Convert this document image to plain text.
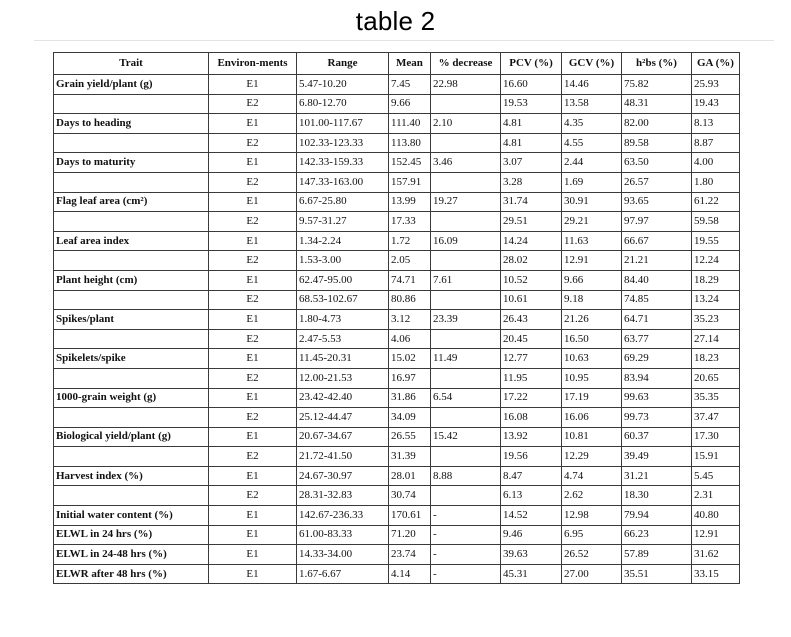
table 2
Trait	Environ-ments	Range	Mean	% decrease	PCV (%)	GCV (%)	h²bs (%)	GA (%)
Grain yield/plant (g)	E1	5.47-10.20	7.45	22.98	16.60	14.46	75.82	25.93
	E2	6.80-12.70	9.66		19.53	13.58	48.31	19.43
Days to heading	E1	101.00-117.67	111.40	2.10	4.81	4.35	82.00	8.13
	E2	102.33-123.33	113.80		4.81	4.55	89.58	8.87
Days to maturity	E1	142.33-159.33	152.45	3.46	3.07	2.44	63.50	4.00
	E2	147.33-163.00	157.91		3.28	1.69	26.57	1.80
Flag leaf area (cm²)	E1	6.67-25.80	13.99	19.27	31.74	30.91	93.65	61.22
	E2	9.57-31.27	17.33		29.51	29.21	97.97	59.58
Leaf area index	E1	1.34-2.24	1.72	16.09	14.24	11.63	66.67	19.55
	E2	1.53-3.00	2.05		28.02	12.91	21.21	12.24
Plant height (cm)	E1	62.47-95.00	74.71	7.61	10.52	9.66	84.40	18.29
	E2	68.53-102.67	80.86		10.61	9.18	74.85	13.24
Spikes/plant	E1	1.80-4.73	3.12	23.39	26.43	21.26	64.71	35.23
	E2	2.47-5.53	4.06		20.45	16.50	63.77	27.14
Spikelets/spike	E1	11.45-20.31	15.02	11.49	12.77	10.63	69.29	18.23
	E2	12.00-21.53	16.97		11.95	10.95	83.94	20.65
1000-grain weight (g)	E1	23.42-42.40	31.86	6.54	17.22	17.19	99.63	35.35
	E2	25.12-44.47	34.09		16.08	16.06	99.73	37.47
Biological yield/plant (g)	E1	20.67-34.67	26.55	15.42	13.92	10.81	60.37	17.30
	E2	21.72-41.50	31.39		19.56	12.29	39.49	15.91
Harvest index (%)	E1	24.67-30.97	28.01	8.88	8.47	4.74	31.21	5.45
	E2	28.31-32.83	30.74		6.13	2.62	18.30	2.31
Initial water content (%)	E1	142.67-236.33	170.61	-	14.52	12.98	79.94	40.80
ELWL in 24 hrs (%)	E1	61.00-83.33	71.20	-	9.46	6.95	66.23	12.91
ELWL in 24-48 hrs (%)	E1	14.33-34.00	23.74	-	39.63	26.52	57.89	31.62
ELWR after 48 hrs (%)	E1	1.67-6.67	4.14	-	45.31	27.00	35.51	33.15
